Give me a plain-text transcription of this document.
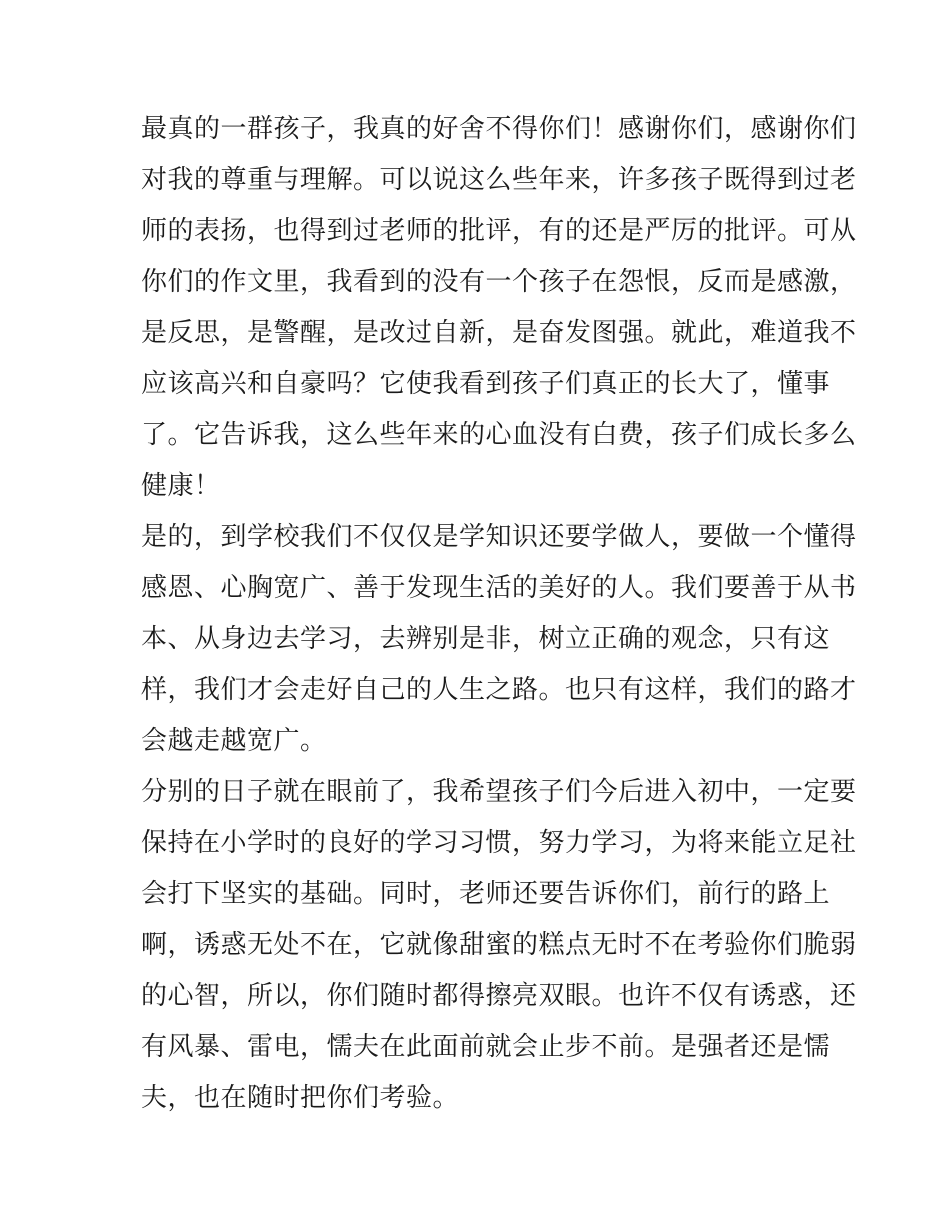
最真的一群孩子，我真的好舍不得你们！感谢你们，感谢你们
对我的尊重与理解。可以说这么些年来，许多孩子既得到过老
师的表扬，也得到过老师的批评，有的还是严厉的批评。可从
你们的作文里，我看到的没有一个孩子在怨恨，反而是感激，
是反思，是警醒，是改过自新，是奋发图强。就此，难道我不
应该高兴和自豪吗？它使我看到孩子们真正的长大了，懂事
了。它告诉我，这么些年来的心血没有白费，孩子们成长多么
健康！
是的，到学校我们不仅仅是学知识还要学做人，要做一个懂得
感恩、心胸宽广、善于发现生活的美好的人。我们要善于从书
本、从身边去学习，去辨别是非，树立正确的观念，只有这
样，我们才会走好自己的人生之路。也只有这样，我们的路才
会越走越宽广。
分别的日子就在眼前了，我希望孩子们今后进入初中，一定要
保持在小学时的良好的学习习惯，努力学习，为将来能立足社
会打下坚实的基础。同时，老师还要告诉你们，前行的路上
啊，诱惑无处不在，它就像甜蜜的糕点无时不在考验你们脆弱
的心智，所以，你们随时都得擦亮双眼。也许不仅有诱惑，还
有风暴、雷电，懦夫在此面前就会止步不前。是强者还是懦
夫，也在随时把你们考验。
